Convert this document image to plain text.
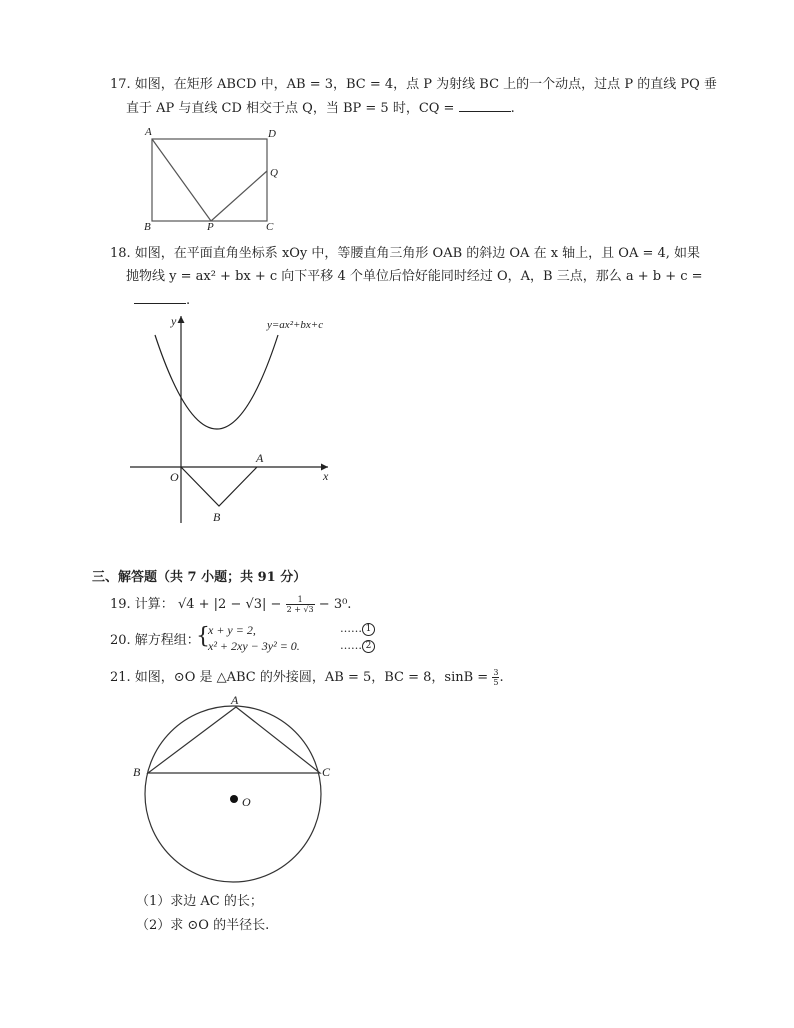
17. 如图，在矩形 ABCD 中，AB = 3，BC = 4，点 P 为射线 BC 上的一个动点，过点 P 的直线 PQ 垂
直于 AP 与直线 CD 相交于点 Q，当 BP = 5 时，CQ =	.
A	D
Q
B	P	C
18. 如图，在平面直角坐标系 xOy 中，等腰直角三角形 OAB 的斜边 OA 在 x 轴上，且 OA = 4, 如果
抛物线 y = ax² + bx + c 向下平移 4 个单位后恰好能同时经过 O，A，B 三点，那么 a + b + c =
.
y	y=ax²+bx+c
O
A
x
B
三、解答题（共 7 小题；共 91 分）
19. 计算： $√4 + |2 - √3| - \frac{1}{2 + √3} - 3^0$.
20. 解方程组：
{
x + y = 2,
x² + 2xy − 3y² = 0.
…… 1
…… 2
21. 如图，⊙O 是 △ABC 的外接圆，AB = 5，BC = 8，$\sin B = \frac{3}{5}$ .
A
B	C
O
（1）求边 AC 的长；
（2）求 ⊙O 的半径长.
